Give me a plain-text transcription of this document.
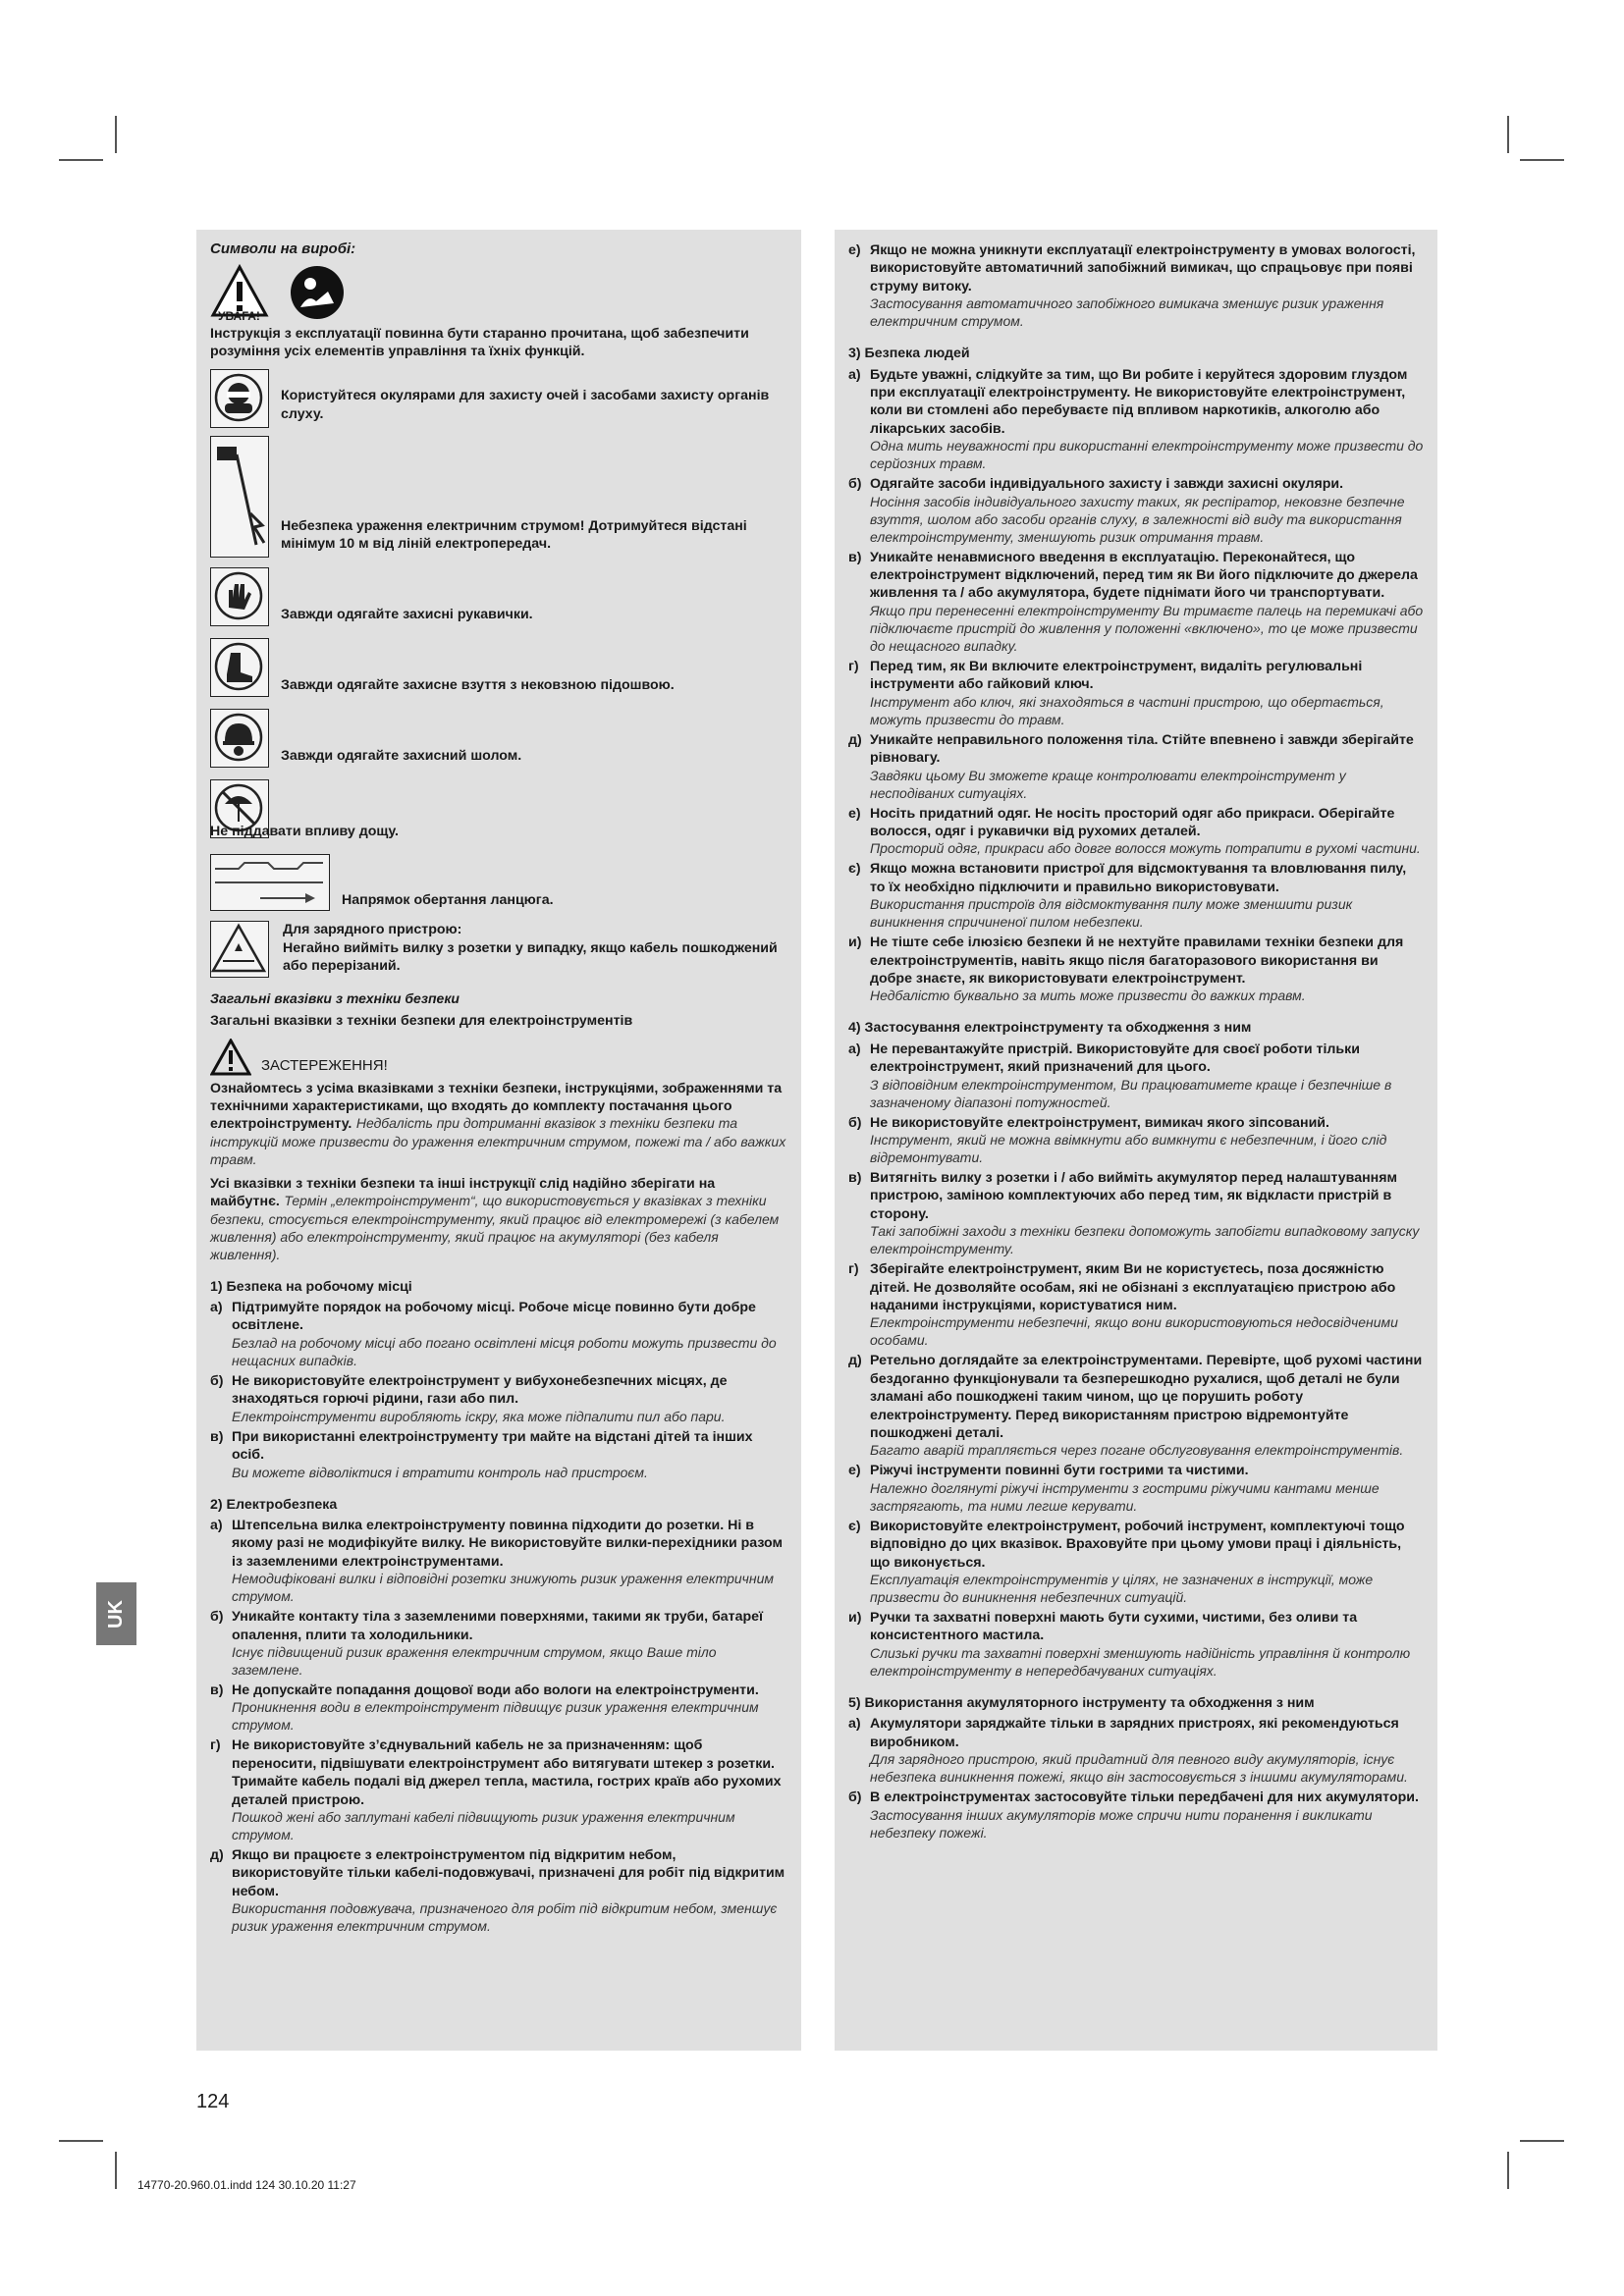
Символи на виробі:
УВАГА!
Інструкція з експлуатації повинна бути старанно прочитана, щоб забезпечити розуміння усіх елементів управління та їхніх функцій.
Користуйтеся окулярами для захисту очей і засобами захисту органів слуху.
Небезпека ураження електричним струмом! Дотримуйтеся відстані мінімум 10 м від ліній електропередач.
Завжди одягайте захисні рукавички.
Завжди одягайте захисне взуття з нековзною підошвою.
Завжди одягайте захисний шолом.
Не піддавати впливу дощу.
Напрямок обертання ланцюга.
Для зарядного пристрою:
Негайно вийміть вилку з розетки у випадку, якщо кабель пошкоджений або перерізаний.
Загальні вказівки з техніки безпеки
Загальні вказівки з техніки безпеки для електроінструментів
ЗАСТЕРЕЖЕННЯ!
Ознайомтесь з усіма вказівками з техніки безпеки, інструкціями, зображеннями та технічними характеристиками, що входять до комплекту постачання цього електроінструменту. Недбалість при дотриманні вказівок з техніки безпеки та інструкцій може призвести до ураження електричним струмом, пожежі та / або важких травм.
Усі вказівки з техніки безпеки та інші інструкції слід надійно зберігати на майбутнє. Термін „електроінструмент“, що використовується у вказівках з техніки безпеки, стосується електроінструменту, який працює від електромережі (з кабелем живлення) або електроінструменту, який працює на акумуляторі (без кабеля живлення).
1) Безпека на робочому місці
а) Підтримуйте порядок на робочому місці. Робоче місце повинно бути добре освітлене.
Безлад на робочому місці або погано освітлені місця роботи можуть призвести до нещасних випадків.
б) Не використовуйте електроінструмент у вибухонебезпечних місцях, де знаходяться горючі рідини, гази або пил.
Електроінструменти виробляють іскру, яка може підпалити пил або пари.
в) При використанні електроінструменту три майте на відстані дітей та інших осіб.
Ви можете відволіктися і втратити контроль над пристроєм.
2) Електробезпека
а) Штепсельна вилка електроінструменту повинна підходити до розетки. Ні в якому разі не модифікуйте вилку. Не використовуйте вилки-перехідники разом із заземленими електроінструментами.
Немодифіковані вилки і відповідні розетки знижують ризик ураження електричним струмом.
б) Уникайте контакту тіла з заземленими поверхнями, такими як труби, батареї опалення, плити та холодильники.
Існує підвищений ризик враження електричним струмом, якщо Ваше тіло заземлене.
в) Не допускайте попадання дощової води або вологи на електроінструменти.
Проникнення води в електроінструмент підвищує ризик ураження електричним струмом.
г) Не використовуйте з’єднувальний кабель не за призначенням: щоб переносити, підвішувати електроінструмент або витягувати штекер з розетки. Тримайте кабель подалі від джерел тепла, мастила, гострих країв або рухомих деталей пристрою.
Пошкод жені або заплутані кабелі підвищують ризик ураження електричним струмом.
д) Якщо ви працюєте з електроінструментом під відкритим небом, використовуйте тільки кабелі-подовжувачі, призначені для робіт під відкритим небом.
Використання подовжувача, призначеного для робіт під відкритим небом, зменшує ризик ураження електричним струмом.
е) Якщо не можна уникнути експлуатації електроінструменту в умовах вологості, використовуйте автоматичний запобіжний вимикач, що спрацьовує при появі струму витоку.
Застосування автоматичного запобіжного вимикача зменшує ризик ураження електричним струмом.
3) Безпека людей
а) Будьте уважні, слідкуйте за тим, що Ви робите і керуйтеся здоровим глуздом при експлуатації електроінструменту. Не використовуйте електроінструмент, коли ви стомлені або перебуваєте під впливом наркотиків, алкоголю або лікарських засобів.
Одна мить неуважності при використанні електроінструменту може призвести до серйозних травм.
б) Одягайте засоби індивідуального захисту і завжди захисні окуляри.
Носіння засобів індивідуального захисту таких, як респіратор, нековзне безпечне взуття, шолом або засоби органів слуху, в залежності від виду та використання електроінструменту, зменшують ризик отримання травм.
в) Уникайте ненавмисного введення в експлуатацію. Переконайтеся, що електроінструмент відключений, перед тим як Ви його підключите до джерела живлення та / або акумулятора, будете піднімати його чи транспортувати.
Якщо при перенесенні електроінструменту Ви тримаєте палець на перемикачі або підключаєте пристрій до живлення у положенні «включено», то це може призвести до нещасного випадку.
г) Перед тим, як Ви включите електроінструмент, видаліть регулювальні інструменти або гайковий ключ.
Інструмент або ключ, які знаходяться в частині пристрою, що обертається, можуть призвести до травм.
д) Уникайте неправильного положення тіла. Стійте впевнено і завжди зберігайте рівновагу.
Завдяки цьому Ви зможете краще контролювати електроінструмент у несподіваних ситуаціях.
е) Носіть придатний одяг. Не носіть просторий одяг або прикраси. Оберігайте волосся, одяг і рукавички від рухомих деталей.
Просторий одяг, прикраси або довге волосся можуть потрапити в рухомі частини.
є) Якщо можна встановити пристрої для відсмоктування та вловлювання пилу, то їх необхідно підключити и правильно використовувати.
Використання пристроїв для відсмоктування пилу може зменшити ризик виникнення спричиненої пилом небезпеки.
и) Не тіште себе ілюзією безпеки й не нехтуйте правилами техніки безпеки для електроінструментів, навіть якщо після багаторазового використання ви добре знаєте, як використовувати електроінструмент.
Недбалістю буквально за мить може призвести до важких травм.
4) Застосування електроінструменту та обходження з ним
а) Не перевантажуйте пристрій. Використовуйте для своєї роботи тільки електроінструмент, який призначений для цього.
З відповідним електроінструментом, Ви працюватимете краще і безпечніше в зазначеному діапазоні потужностей.
б) Не використовуйте електроінструмент, вимикач якого зіпсований.
Інструмент, який не можна ввімкнути або вимкнути є небезпечним, і його слід відремонтувати.
в) Витягніть вилку з розетки і / або вийміть акумулятор перед налаштуванням пристрою, заміною комплектуючих або перед тим, як відкласти пристрій в сторону.
Такі запобіжні заходи з техніки безпеки допоможуть запобігти випадковому запуску електроінструменту.
г) Зберігайте електроінструмент, яким Ви не користуєтесь, поза досяжністю дітей. Не дозволяйте особам, які не обізнані з експлуатацією пристрою або наданими інструкціями, користуватися ним.
Електроінструменти небезпечні, якщо вони використовуються недосвідченими особами.
д) Ретельно доглядайте за електроінструментами. Перевірте, щоб рухомі частини бездоганно функціонували та безперешкодно рухалися, щоб деталі не були зламані або пошкоджені таким чином, що це порушить роботу електроінструменту. Перед використанням пристрою відремонтуйте пошкоджені деталі.
Багато аварій трапляється через погане обслуговування електроінструментів.
е) Ріжучі інструменти повинні бути гострими та чистими.
Належно доглянуті ріжучі інструменти з гострими ріжучими кантами менше застрягають, та ними легше керувати.
є) Використовуйте електроінструмент, робочий інструмент, комплектуючі тощо відповідно до цих вказівок. Враховуйте при цьому умови праці і діяльність, що виконується.
Експлуатація електроінструментів у цілях, не зазначених в інструкції, може призвести до виникнення небезпечних ситуацій.
и) Ручки та захватні поверхні мають бути сухими, чистими, без оливи та консистентного мастила.
Слизькі ручки та захватні поверхні зменшують надійність управління й контролю електроінструменту в непередбачуваних ситуаціях.
5) Використання акумуляторного інструменту та обходження з ним
а) Акумулятори заряджайте тільки в зарядних пристроях, які рекомендуються виробником.
Для зарядного пристрою, який придатний для певного виду акумуляторів, існує небезпека виникнення пожежі, якщо він застосовується з іншими акумуляторами.
б) В електроінструментах застосовуйте тільки передбачені для них акумулятори.
Застосування інших акумуляторів може спричи нити поранення і викликати небезпеку пожежі.
UK
124
14770-20.960.01.indd 124 30.10.20 11:27
